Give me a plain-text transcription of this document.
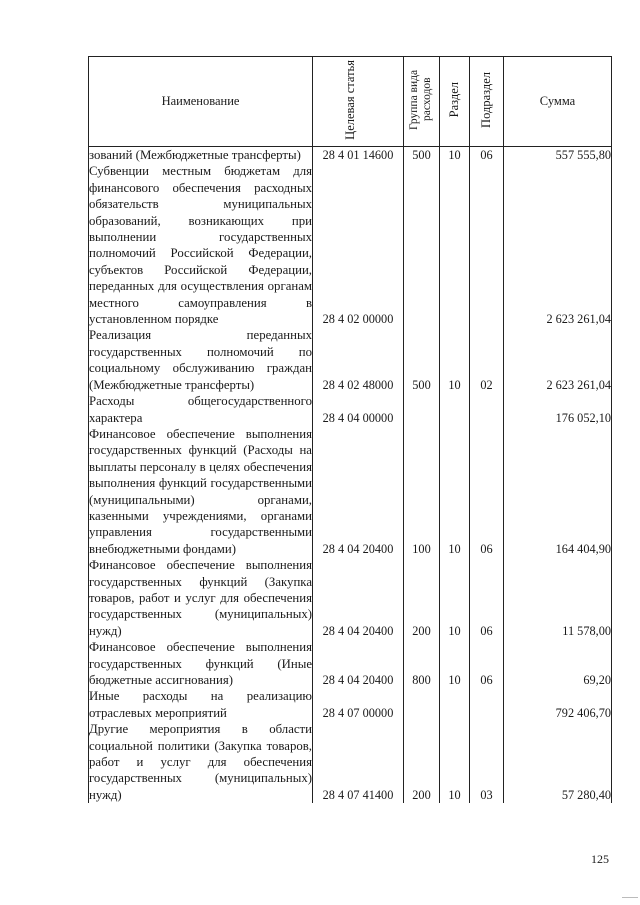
Наименование	Целевая статья	Группа вида расходов	Раздел	Подраздел	Сумма
зований (Межбюджетные трансферты)	28 4 01 14600	500	10	06	557 555,80
Субвенции местным бюджетам для финансового обеспечения расходных обязательств муниципальных образований, возникающих при выполнении государственных полномочий Российской Федерации, субъектов Российской Федерации, переданных для осуществления органам местного самоуправления в установленном порядке	28 4 02 00000				2 623 261,04
Реализация переданных государственных полномочий по социальному обслуживанию граждан (Межбюджетные трансферты)	28 4 02 48000	500	10	02	2 623 261,04
Расходы общегосударственного характера	28 4 04 00000				176 052,10
Финансовое обеспечение выполнения государственных функций (Расходы на выплаты персоналу в целях обеспечения выполнения функций государственными (муниципальными) органами, казенными учреждениями, органами управления государственными внебюджетными фондами)	28 4 04 20400	100	10	06	164 404,90
Финансовое обеспечение выполнения государственных функций (Закупка товаров, работ и услуг для обеспечения государственных (муниципальных) нужд)	28 4 04 20400	200	10	06	11 578,00
Финансовое обеспечение выполнения государственных функций (Иные бюджетные ассигнования)	28 4 04 20400	800	10	06	69,20
Иные расходы на реализацию отраслевых мероприятий	28 4 07 00000				792 406,70
Другие мероприятия в области социальной политики (Закупка товаров, работ и услуг для обеспечения государственных (муниципальных) нужд)	28 4 07 41400	200	10	03	57 280,40
125
